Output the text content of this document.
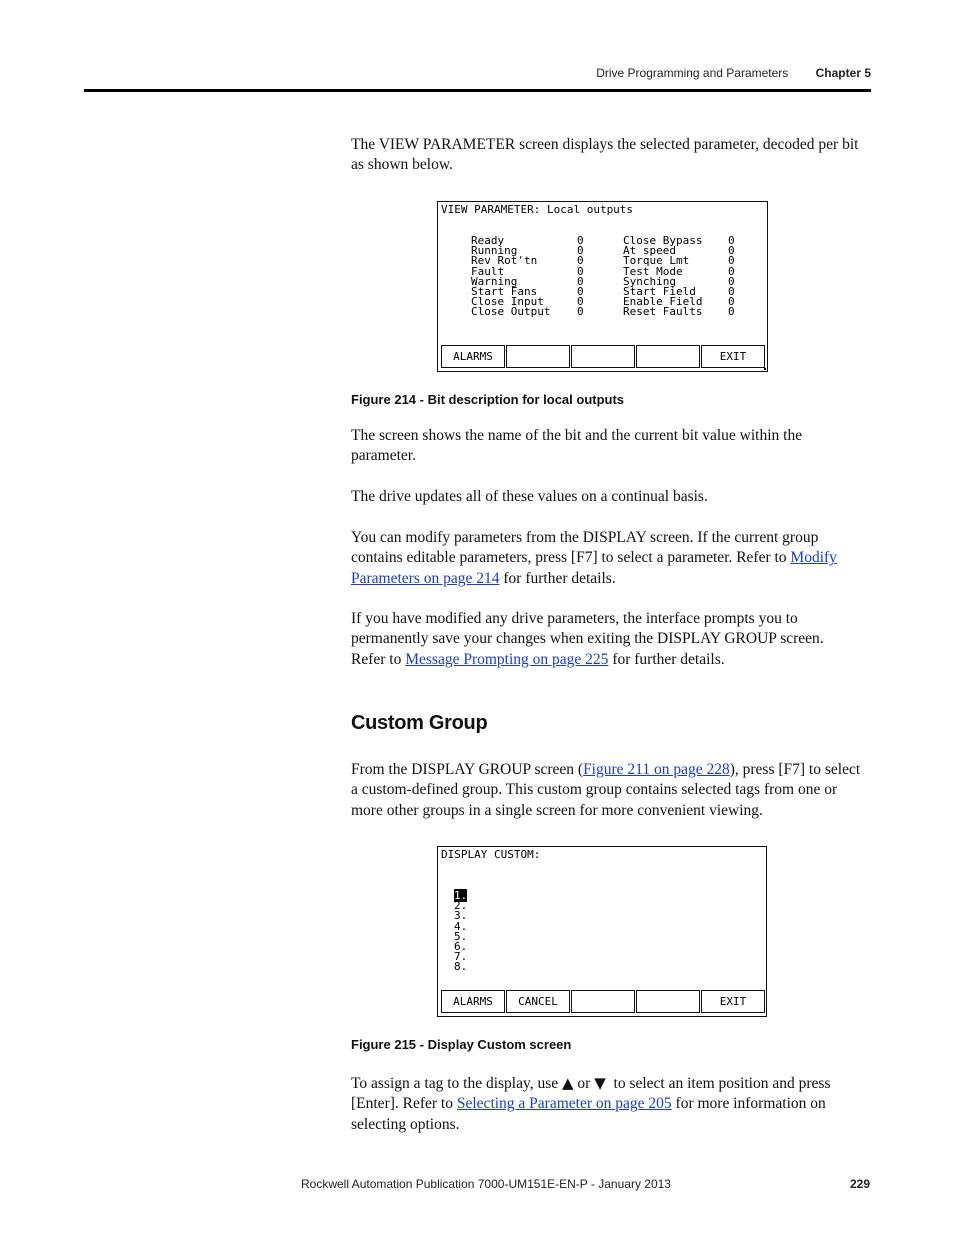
Drive Programming and Parameters Chapter 5

The VIEW PARAMETER screen displays the selected parameter, decoded per bit as shown below.

VIEW PARAMETER: Local outputs
Ready	0
Running	0
Rev Rot'tn	0
Fault	0
Warning	0
Start Fans	0
Close Input	0
Close Output 0
Close Bypass 0
At speed	0
Torque Lmt	0
Test Mode	0
Synching	0
Start Field	0
Enable Field 0
Reset Faults 0
ALARMS	EXIT

Figure 214 - Bit description for local outputs

The screen shows the name of the bit and the current bit value within the parameter.

The drive updates all of these values on a continual basis.

You can modify parameters from the DISPLAY screen. If the current group contains editable parameters, press [F7] to select a parameter. Refer to Modify Parameters on page 214 for further details.

If you have modified any drive parameters, the interface prompts you to permanently save your changes when exiting the DISPLAY GROUP screen. Refer to Message Prompting on page 225 for further details.

Custom Group

From the DISPLAY GROUP screen (Figure 211 on page 228), press [F7] to select a custom-defined group. This custom group contains selected tags from one or more other groups in a single screen for more convenient viewing.

DISPLAY CUSTOM:
1.
2.
3.
4.
5.
6.
7.
8.
ALARMS	CANCEL	EXIT

Figure 215 - Display Custom screen

To assign a tag to the display, use ▲ or ▼  to select an item position and press [Enter]. Refer to Selecting a Parameter on page 205 for more information on selecting options.

Rockwell Automation Publication 7000-UM151E-EN-P - January 2013	229
